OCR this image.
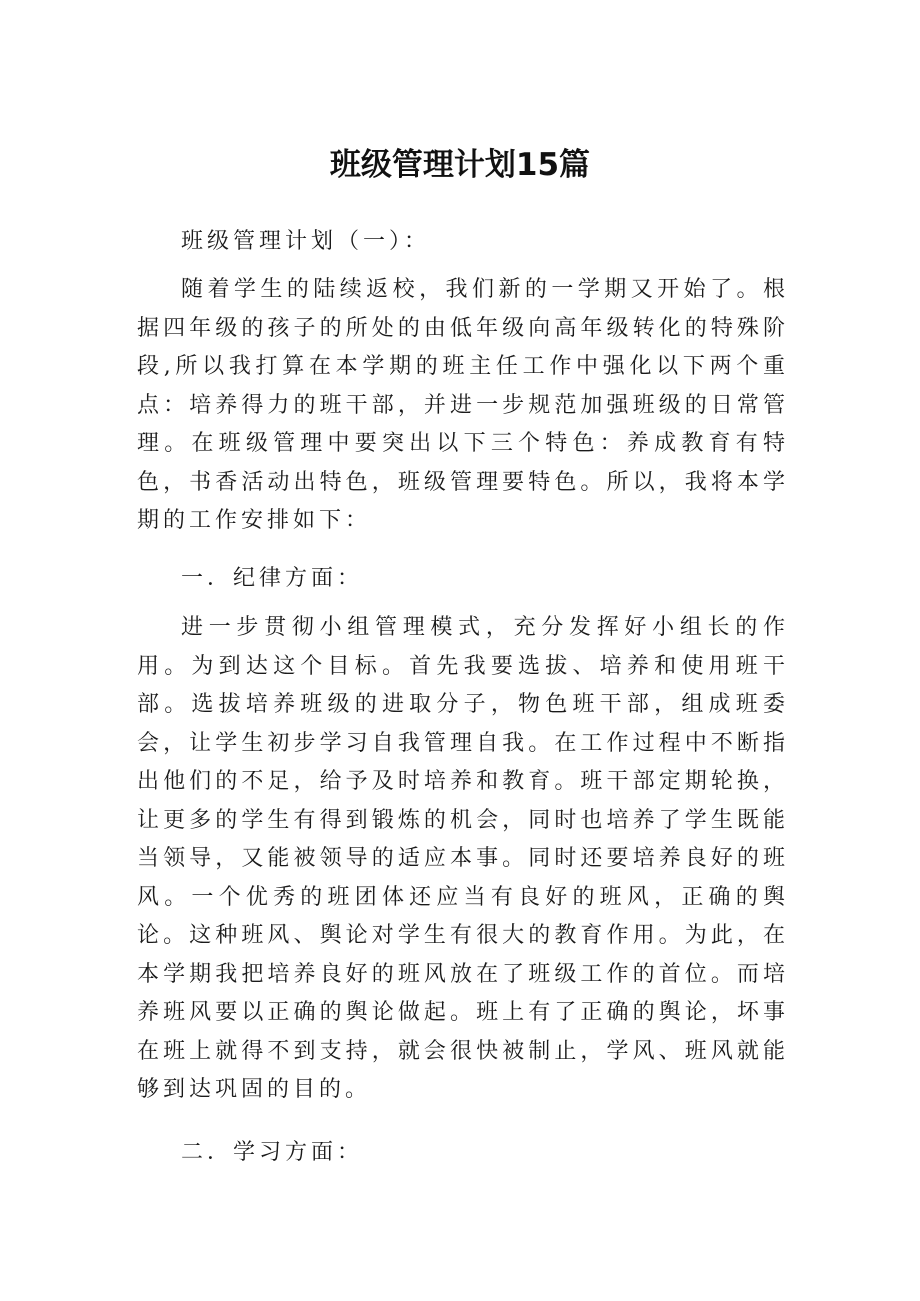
班级管理计划15篇

班级管理计划（一）：

随着学生的陆续返校，我们新的一学期又开始了。根据四年级的孩子的所处的由低年级向高年级转化的特殊阶段,所以我打算在本学期的班主任工作中强化以下两个重点：培养得力的班干部，并进一步规范加强班级的日常管理。在班级管理中要突出以下三个特色：养成教育有特色，书香活动出特色，班级管理要特色。所以，我将本学期的工作安排如下：

一．纪律方面：

进一步贯彻小组管理模式，充分发挥好小组长的作用。为到达这个目标。首先我要选拔、培养和使用班干部。选拔培养班级的进取分子，物色班干部，组成班委会，让学生初步学习自我管理自我。在工作过程中不断指出他们的不足，给予及时培养和教育。班干部定期轮换，让更多的学生有得到锻炼的机会，同时也培养了学生既能当领导，又能被领导的适应本事。同时还要培养良好的班风。一个优秀的班团体还应当有良好的班风，正确的舆论。这种班风、舆论对学生有很大的教育作用。为此，在本学期我把培养良好的班风放在了班级工作的首位。而培养班风要以正确的舆论做起。班上有了正确的舆论，坏事在班上就得不到支持，就会很快被制止，学风、班风就能够到达巩固的目的。

二．学习方面：
